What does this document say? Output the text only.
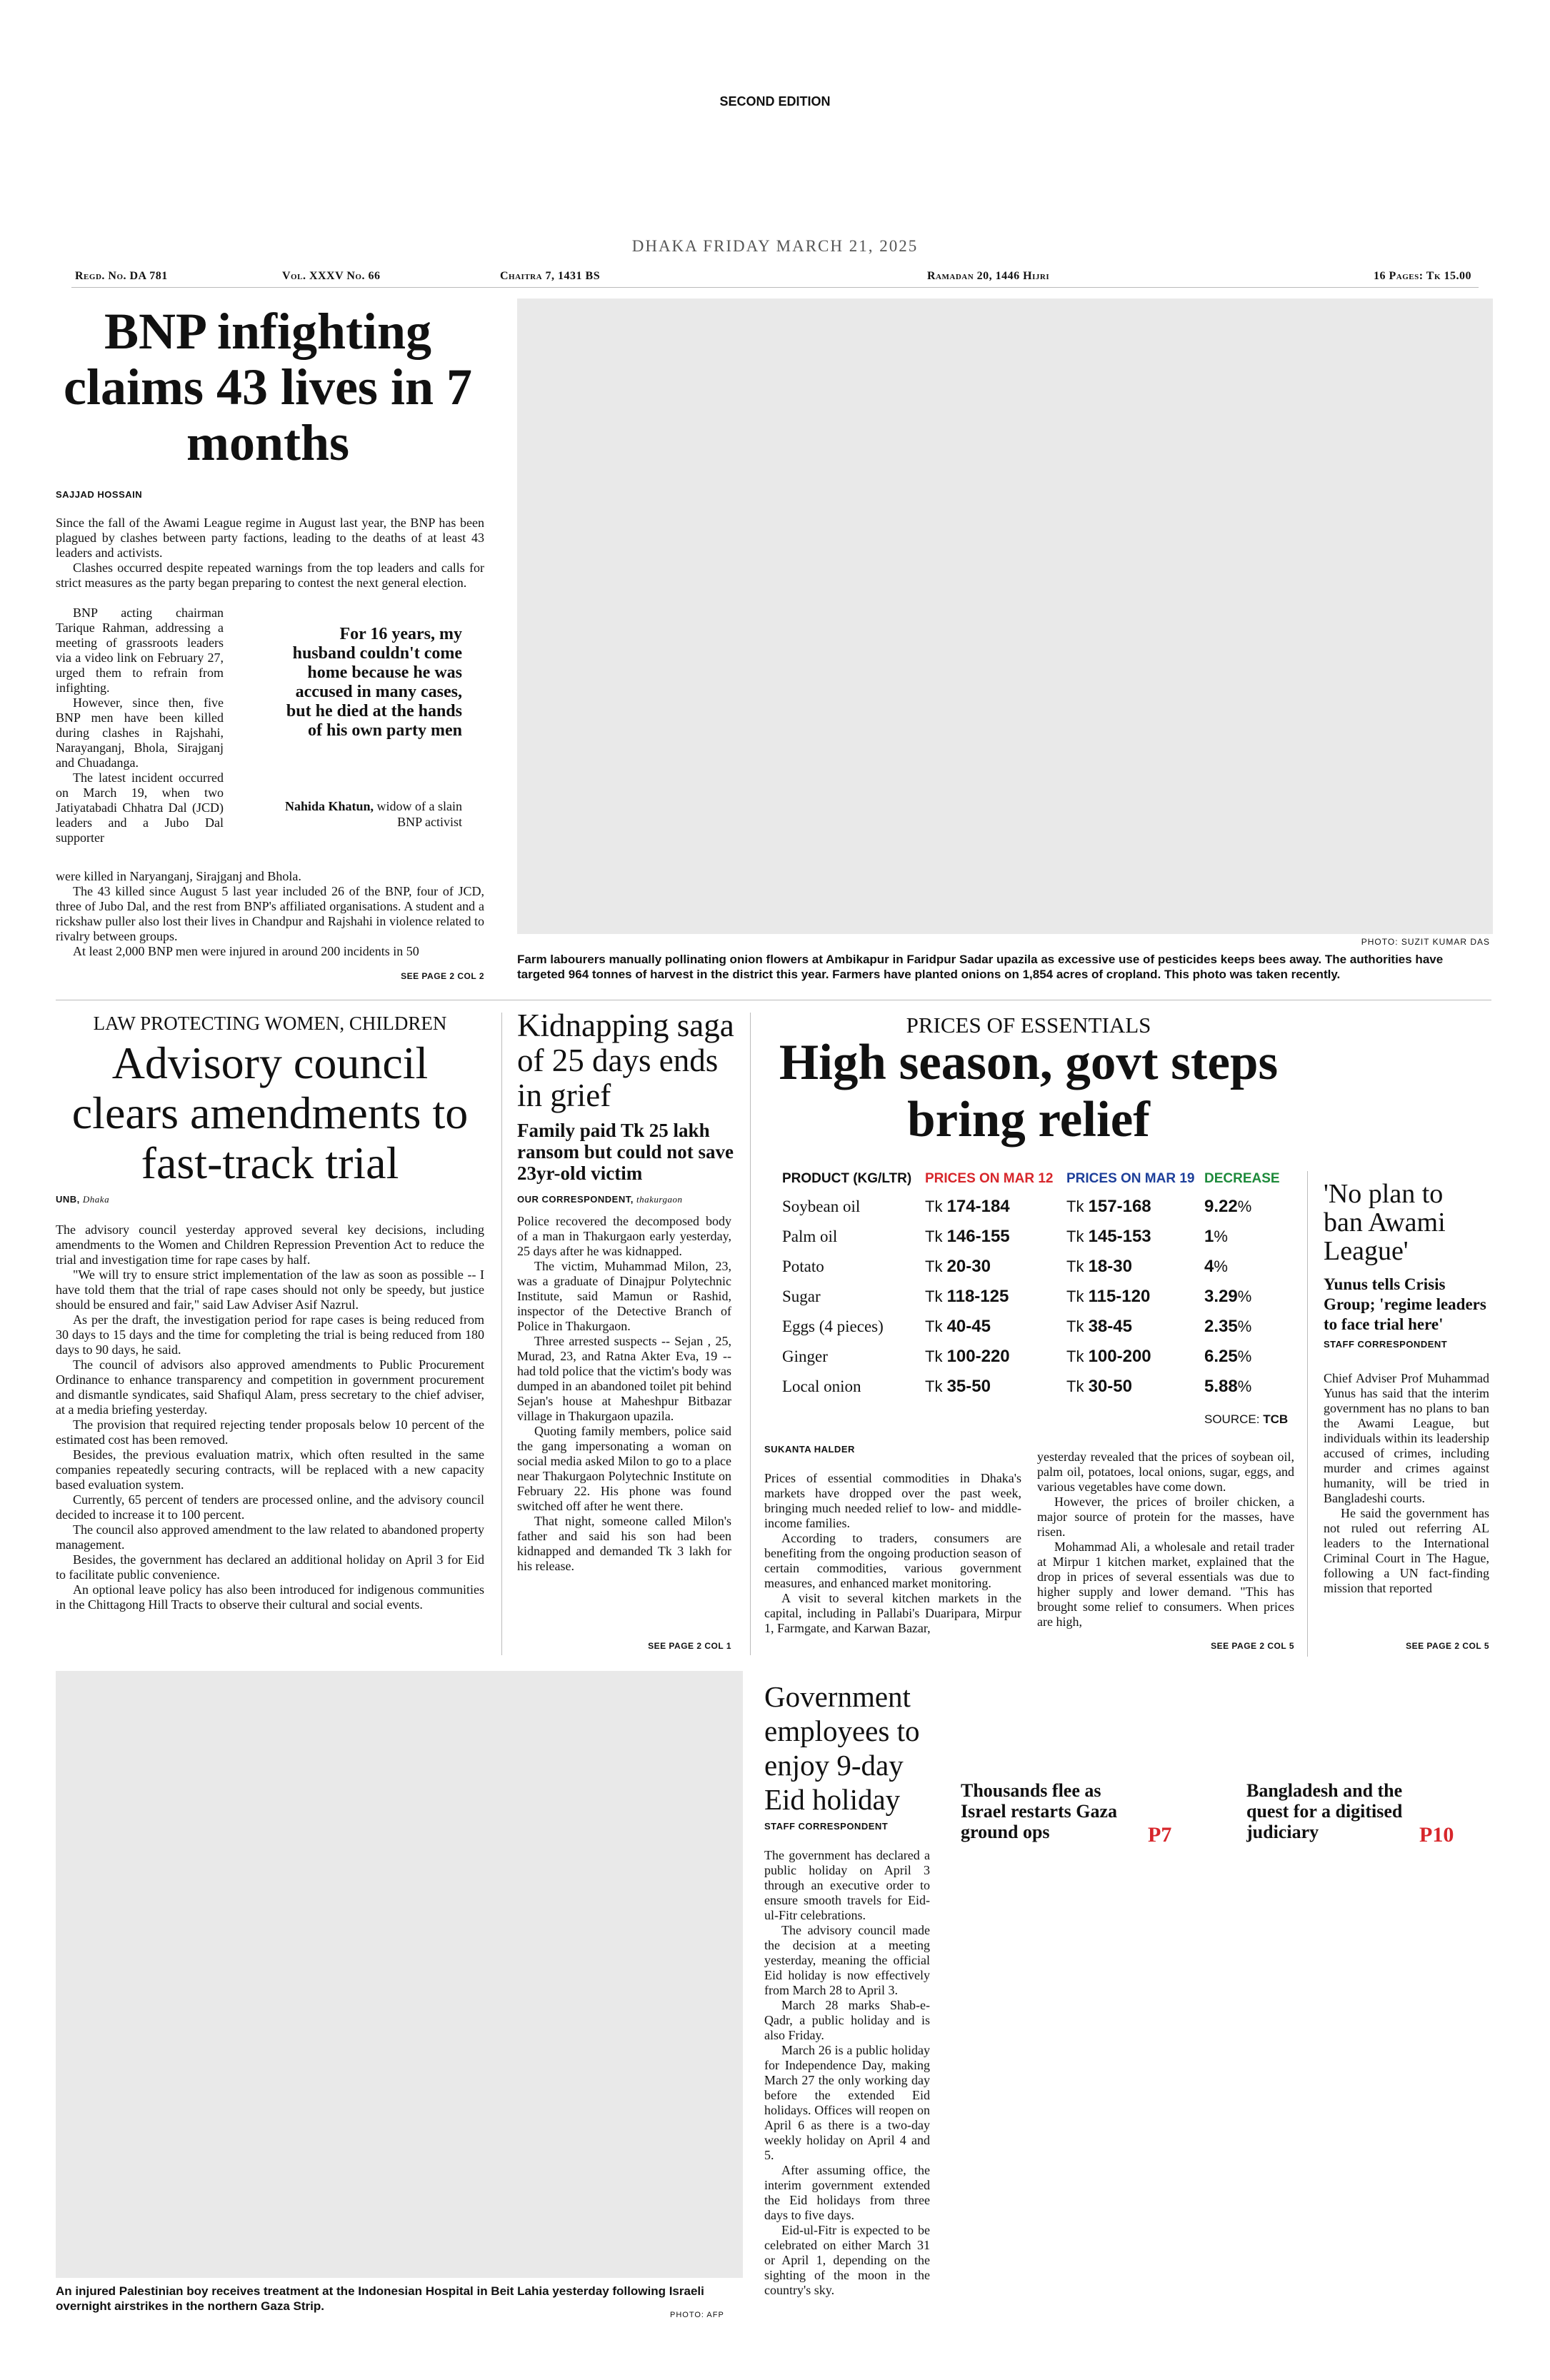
SECOND EDITION
DHAKA FRIDAY MARCH 21, 2025
Regd. No. DA 781	Vol. XXXV No. 66	Chaitra 7, 1431 BS	Ramadan 20, 1446 Hijri	16 Pages: Tk 15.00
BNP infighting claims 43 lives in 7 months
SAJJAD HOSSAIN

Since the fall of the Awami League regime in August last year, the BNP has been plagued by clashes between party factions, leading to the deaths of at least 43 leaders and activists.

Clashes occurred despite repeated warnings from the top leaders and calls for strict measures as the party began preparing to contest the next general election.

BNP acting chairman Tarique Rahman, addressing a meeting of grassroots leaders via a video link on February 27, urged them to refrain from infighting.

However, since then, five BNP men have been killed during clashes in Rajshahi, Narayanganj, Bhola, Sirajganj and Chuadanga.

The latest incident occurred on March 19, when two Jatiyatabadi Chhatra Dal (JCD) leaders and a Jubo Dal supporter

For 16 years, my husband couldn't come home because he was accused in many cases, but he died at the hands of his own party men
Nahida Khatun, widow of a slain BNP activist

were killed in Naryanganj, Sirajganj and Bhola.

The 43 killed since August 5 last year included 26 of the BNP, four of JCD, three of Jubo Dal, and the rest from BNP's affiliated organisations. A student and a rickshaw puller also lost their lives in Chandpur and Rajshahi in violence related to rivalry between groups.

At least 2,000 BNP men were injured in around 200 incidents in 50

SEE PAGE 2 COL 2
PHOTO: SUZIT KUMAR DAS
Farm labourers manually pollinating onion flowers at Ambikapur in Faridpur Sadar upazila as excessive use of pesticides keeps bees away. The authorities have targeted 964 tonnes of harvest in the district this year. Farmers have planted onions on 1,854 acres of cropland. This photo was taken recently.
LAW PROTECTING WOMEN, CHILDREN
Advisory council clears amendments to fast-track trial
UNB, Dhaka

The advisory council yesterday approved several key decisions, including amendments to the Women and Children Repression Prevention Act to reduce the trial and investigation time for rape cases by half.

"We will try to ensure strict implementation of the law as soon as possible -- I have told them that the trial of rape cases should not only be speedy, but justice should be ensured and fair," said Law Adviser Asif Nazrul.

As per the draft, the investigation period for rape cases is being reduced from 30 days to 15 days and the time for completing the trial is being reduced from 180 days to 90 days, he said.

The council of advisors also approved amendments to Public Procurement Ordinance to enhance transparency and competition in government procurement and dismantle syndicates, said Shafiqul Alam, press secretary to the chief adviser, at a media briefing yesterday.

The provision that required rejecting tender proposals below 10 percent of the estimated cost has been removed.

Besides, the previous evaluation matrix, which often resulted in the same companies repeatedly securing contracts, will be replaced with a new capacity based evaluation system.

Currently, 65 percent of tenders are processed online, and the advisory council decided to increase it to 100 percent.

The council also approved amendment to the law related to abandoned property management.

Besides, the government has declared an additional holiday on April 3 for Eid to facilitate public convenience.

An optional leave policy has also been introduced for indigenous communities in the Chittagong Hill Tracts to observe their cultural and social events.

Kidnapping saga of 25 days ends in grief
Family paid Tk 25 lakh ransom but could not save 23yr-old victim
OUR CORRESPONDENT, thakurgaon

Police recovered the decomposed body of a man in Thakurgaon early yesterday, 25 days after he was kidnapped.

The victim, Muhammad Milon, 23, was a graduate of Dinajpur Polytechnic Institute, said Mamun or Rashid, inspector of the Detective Branch of Police in Thakurgaon.

Three arrested suspects -- Sejan , 25, Murad, 23, and Ratna Akter Eva, 19 -- had told police that the victim's body was dumped in an abandoned toilet pit behind Sejan's house at Maheshpur Bitbazar village in Thakurgaon upazila.

Quoting family members, police said the gang impersonating a woman on social media asked Milon to go to a place near Thakurgaon Polytechnic Institute on February 22. His phone was found switched off after he went there.

That night, someone called Milon's father and said his son had been kidnapped and demanded Tk 3 lakh for his release.

SEE PAGE 2 COL 1
PRICES OF ESSENTIALS
High season, govt steps bring relief
PRODUCT (KG/LTR)	PRICES ON MAR 12	PRICES ON MAR 19	DECREASE
Soybean oil	Tk 174-184	Tk 157-168	9.22%
Palm oil	Tk 146-155	Tk 145-153	1%
Potato	Tk 20-30	Tk 18-30	4%
Sugar	Tk 118-125	Tk 115-120	3.29%
Eggs (4 pieces)	Tk 40-45	Tk 38-45	2.35%
Ginger	Tk 100-220	Tk 100-200	6.25%
Local onion	Tk 35-50	Tk 30-50	5.88%
SOURCE: TCB
SUKANTA HALDER

Prices of essential commodities in Dhaka's markets have dropped over the past week, bringing much needed relief to low- and middle-income families.

According to traders, consumers are benefiting from the ongoing production season of certain commodities, various government measures, and enhanced market monitoring.

A visit to several kitchen markets in the capital, including in Pallabi's Duaripara, Mirpur 1, Farmgate, and Karwan Bazar,

yesterday revealed that the prices of soybean oil, palm oil, potatoes, local onions, sugar, eggs, and various vegetables have come down.

However, the prices of broiler chicken, a major source of protein for the masses, have risen.

Mohammad Ali, a wholesale and retail trader at Mirpur 1 kitchen market, explained that the drop in prices of several essentials was due to higher supply and lower demand. "This has brought some relief to consumers. When prices are high,

SEE PAGE 2 COL 5
'No plan to ban Awami League'
Yunus tells Crisis Group; 'regime leaders to face trial here'
STAFF CORRESPONDENT

Chief Adviser Prof Muhammad Yunus has said that the interim government has no plans to ban the Awami League, but individuals within its leadership accused of crimes, including murder and crimes against humanity, will be tried in Bangladeshi courts.

He said the government has not ruled out referring AL leaders to the International Criminal Court in The Hague, following a UN fact-finding mission that reported

SEE PAGE 2 COL 5
An injured Palestinian boy receives treatment at the Indonesian Hospital in Beit Lahia yesterday following Israeli overnight airstrikes in the northern Gaza Strip.
PHOTO: AFP
Government employees to enjoy 9-day Eid holiday
STAFF CORRESPONDENT

The government has declared a public holiday on April 3 through an executive order to ensure smooth travels for Eid-ul-Fitr celebrations.

The advisory council made the decision at a meeting yesterday, meaning the official Eid holiday is now effectively from March 28 to April 3.

March 28 marks Shab-e-Qadr, a public holiday and is also Friday.

March 26 is a public holiday for Independence Day, making March 27 the only working day before the extended Eid holidays. Offices will reopen on April 6 as there is a two-day weekly holiday on April 4 and 5.

After assuming office, the interim government extended the Eid holidays from three days to five days.

Eid-ul-Fitr is expected to be celebrated on either March 31 or April 1, depending on the sighting of the moon in the country's sky.

Thousands flee as Israel restarts Gaza ground ops	P7
Bangladesh and the quest for a digitised judiciary	P10
